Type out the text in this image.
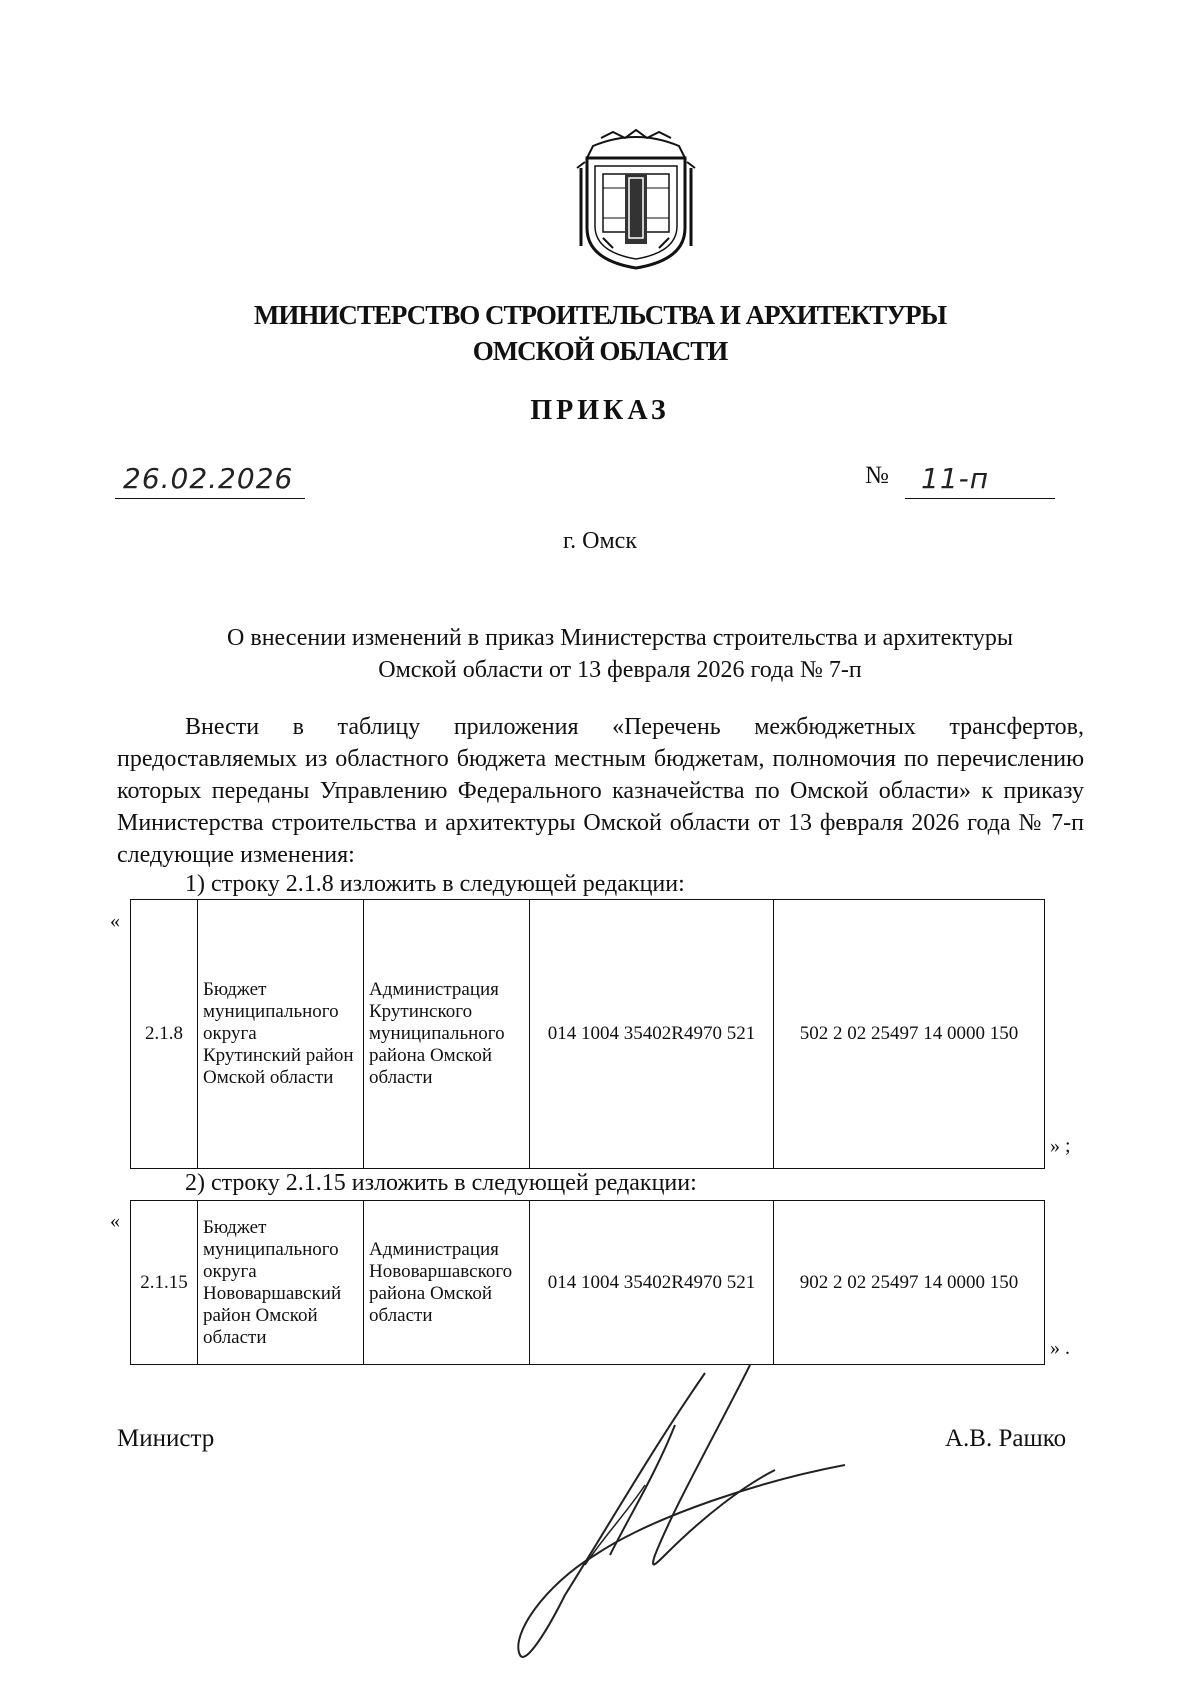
МИНИСТЕРСТВО СТРОИТЕЛЬСТВА И АРХИТЕКТУРЫ
ОМСКОЙ ОБЛАСТИ
ПРИКАЗ
26.02.2026	№ 11-п
г. Омск
О внесении изменений в приказ Министерства строительства и архитектуры
Омской области от 13 февраля 2026 года № 7-п

Внести в таблицу приложения «Перечень межбюджетных трансфертов, предоставляемых из областного бюджета местным бюджетам, полномочия по перечислению которых переданы Управлению Федерального казначейства по Омской области» к приказу Министерства строительства и архитектуры Омской области от 13 февраля 2026 года № 7-п следующие изменения:

1) строку 2.1.8 изложить в следующей редакции:
«
2.1.8	Бюджет муниципального округа Крутинский район Омской области	Администрация Крутинского муниципального района Омской области	014 1004 35402R4970 521	502 2 02 25497 14 0000 150
» ;
2) строку 2.1.15 изложить в следующей редакции:
«
2.1.15	Бюджет муниципального округа Нововаршавский район Омской области	Администрация Нововаршавского района Омской области	014 1004 35402R4970 521	902 2 02 25497 14 0000 150
» .
Министр	А.В. Рашко
